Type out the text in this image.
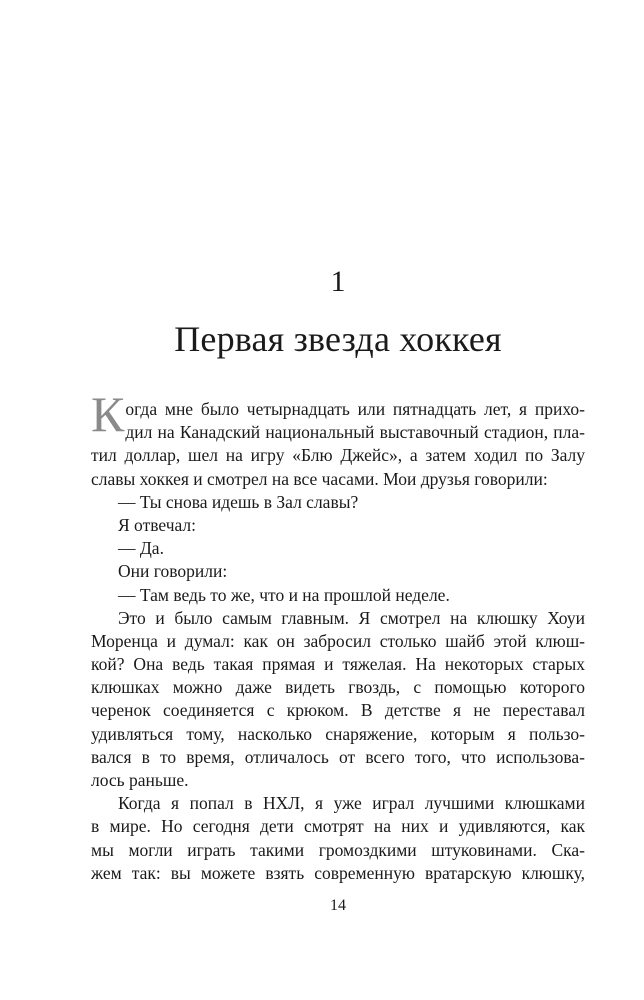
1
Первая звезда хоккея
Когда мне было четырнадцать или пятнадцать лет, я прихо-
дил на Канадский национальный выставочный стадион, пла-
тил доллар, шел на игру «Блю Джейс», а затем ходил по Залу
славы хоккея и смотрел на все часами. Мои друзья говорили:
— Ты снова идешь в Зал славы?
Я отвечал:
— Да.
Они говорили:
— Там ведь то же, что и на прошлой неделе.
Это и было самым главным. Я смотрел на клюшку Хоуи
Моренца и думал: как он забросил столько шайб этой клюш-
кой? Она ведь такая прямая и тяжелая. На некоторых старых
клюшках можно даже видеть гвоздь, с помощью которого
черенок соединяется с крюком. В детстве я не переставал
удивляться тому, насколько снаряжение, которым я пользо-
вался в то время, отличалось от всего того, что использова-
лось раньше.
Когда я попал в НХЛ, я уже играл лучшими клюшками
в мире. Но сегодня дети смотрят на них и удивляются, как
мы могли играть такими громоздкими штуковинами. Ска-
жем так: вы можете взять современную вратарскую клюшку,
14
